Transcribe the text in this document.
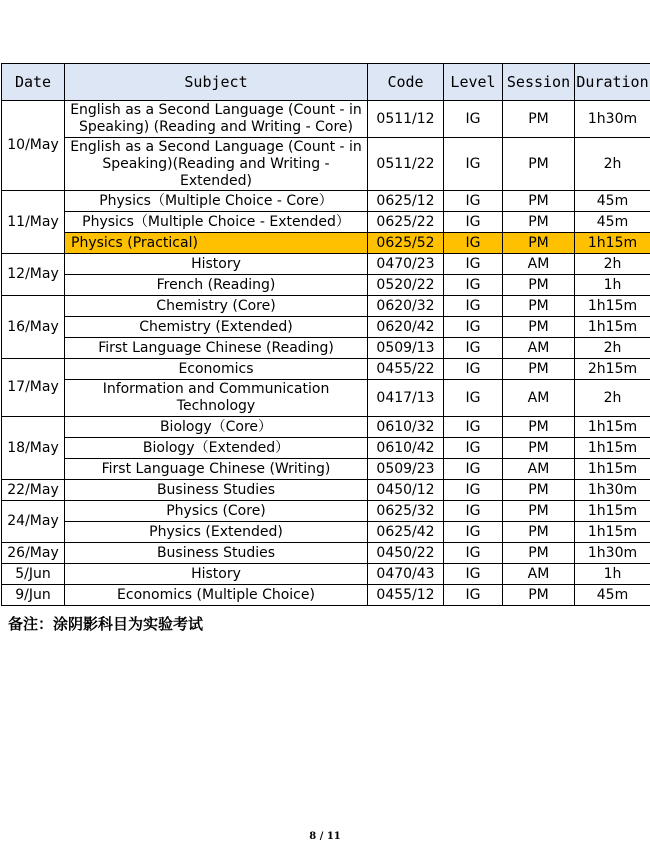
Date	Subject	Code	Level	Session	Duration
10/May	English as a Second Language (Count - in Speaking) (Reading and Writing - Core)	0511/12	IG	PM	1h30m
	English as a Second Language (Count - in Speaking)(Reading and Writing -Extended)	0511/22	IG	PM	2h
11/May	Physics（Multiple Choice - Core）	0625/12	IG	PM	45m
	Physics（Multiple Choice - Extended）	0625/22	IG	PM	45m
	Physics (Practical)	0625/52	IG	PM	1h15m
12/May	History	0470/23	IG	AM	2h
	French (Reading)	0520/22	IG	PM	1h
16/May	Chemistry (Core)	0620/32	IG	PM	1h15m
	Chemistry (Extended)	0620/42	IG	PM	1h15m
	First Language Chinese (Reading)	0509/13	IG	AM	2h
17/May	Economics	0455/22	IG	PM	2h15m
	Information and Communication Technology	0417/13	IG	AM	2h
18/May	Biology（Core）	0610/32	IG	PM	1h15m
	Biology（Extended）	0610/42	IG	PM	1h15m
	First Language Chinese (Writing)	0509/23	IG	AM	1h15m
22/May	Business Studies	0450/12	IG	PM	1h30m
24/May	Physics (Core)	0625/32	IG	PM	1h15m
	Physics (Extended)	0625/42	IG	PM	1h15m
26/May	Business Studies	0450/22	IG	PM	1h30m
5/Jun	History	0470/43	IG	AM	1h
9/Jun	Economics (Multiple Choice)	0455/12	IG	PM	45m
备注：涂阴影科目为实验考试
8 / 11
